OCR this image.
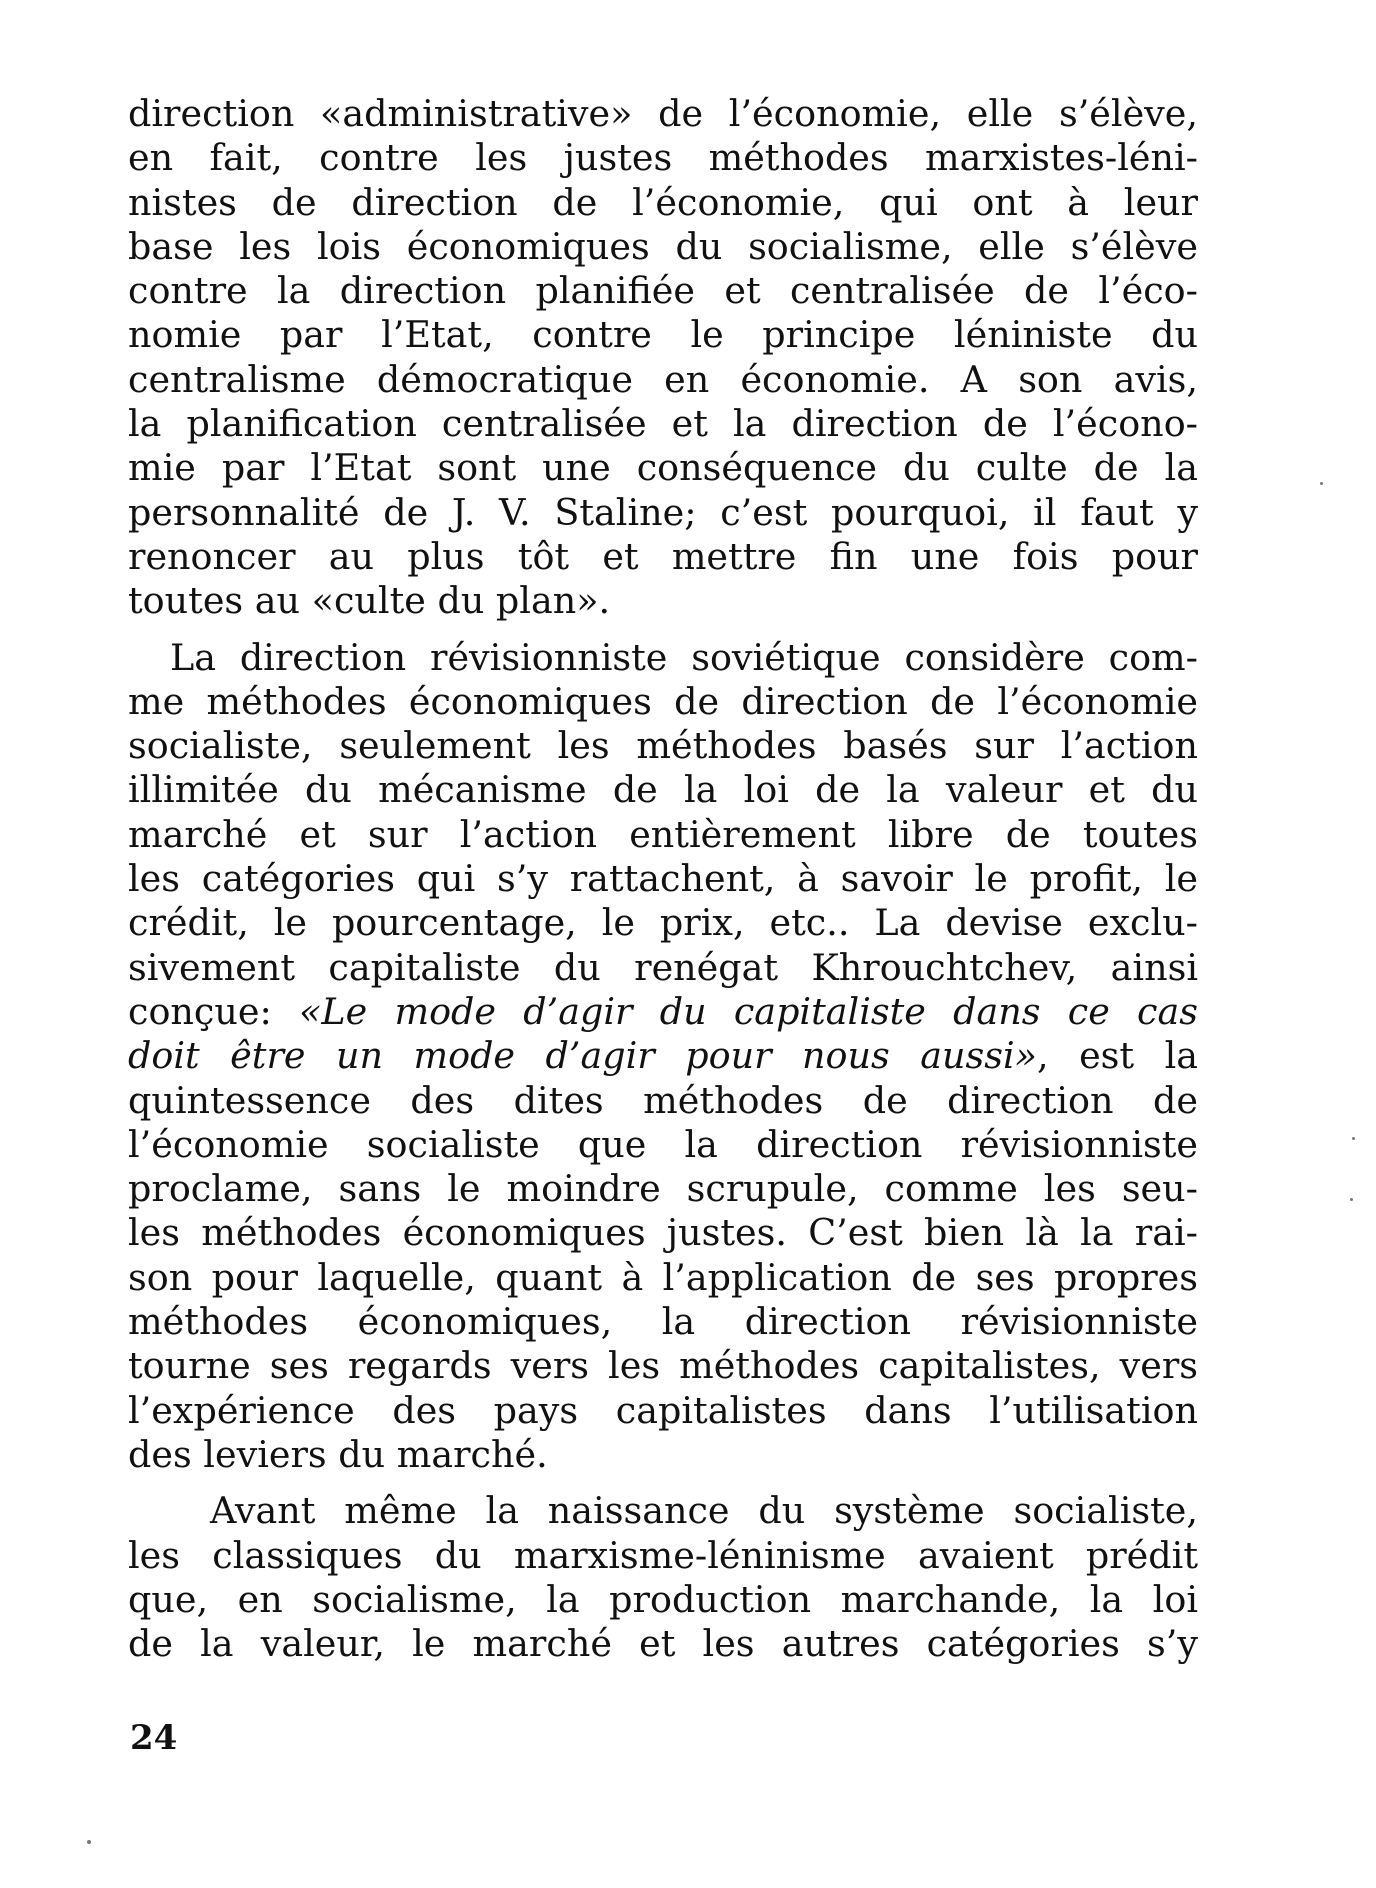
direction «administrative» de l’économie, elle s’élève,
en fait, contre les justes méthodes marxistes-léni-
nistes de direction de l’économie, qui ont à leur
base les lois économiques du socialisme, elle s’élève
contre la direction planifiée et centralisée de l’éco-
nomie par l’Etat, contre le principe léniniste du
centralisme démocratique en économie. A son avis,
la planification centralisée et la direction de l’écono-
mie par l’Etat sont une conséquence du culte de la
personnalité de J. V. Staline; c’est pourquoi, il faut y
renoncer au plus tôt et mettre fin une fois pour
toutes au «culte du plan».
La direction révisionniste soviétique considère com-
me méthodes économiques de direction de l’économie
socialiste, seulement les méthodes basés sur l’action
illimitée du mécanisme de la loi de la valeur et du
marché et sur l’action entièrement libre de toutes
les catégories qui s’y rattachent, à savoir le profit, le
crédit, le pourcentage, le prix, etc.. La devise exclu-
sivement capitaliste du renégat Khrouchtchev, ainsi
conçue: «Le mode d’agir du capitaliste dans ce cas
doit être un mode d’agir pour nous aussi», est la
quintessence des dites méthodes de direction de
l’économie socialiste que la direction révisionniste
proclame, sans le moindre scrupule, comme les seu-
les méthodes économiques justes. C’est bien là la rai-
son pour laquelle, quant à l’application de ses propres
méthodes économiques, la direction révisionniste
tourne ses regards vers les méthodes capitalistes, vers
l’expérience des pays capitalistes dans l’utilisation
des leviers du marché.
Avant même la naissance du système socialiste,
les classiques du marxisme-léninisme avaient prédit
que, en socialisme, la production marchande, la loi
de la valeur, le marché et les autres catégories s’y
24
